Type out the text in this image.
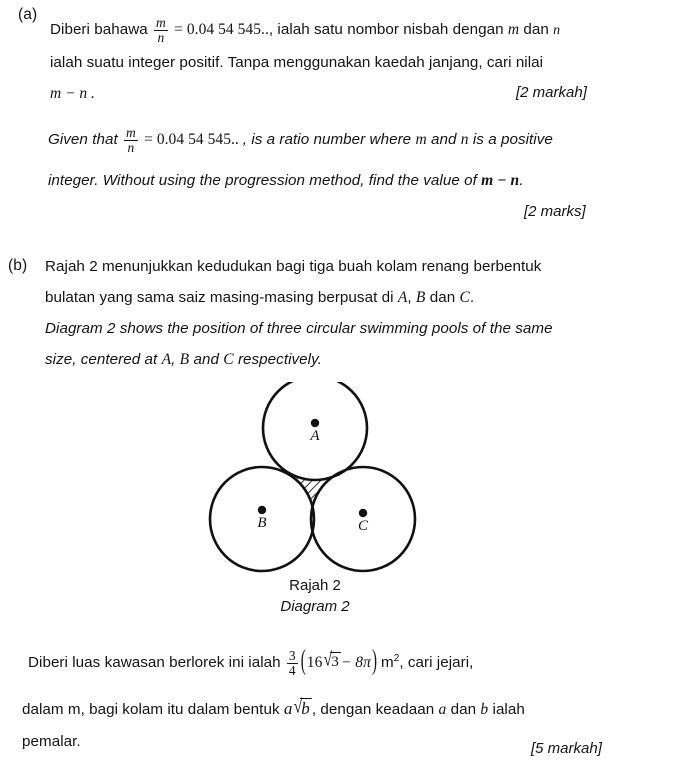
(a)
Diberi bahawa $\frac{m}{n} = 0.04$ 54 545.., ialah satu nombor nisbah dengan m dan n
ialah suatu integer positif. Tanpa menggunakan kaedah janjang, cari nilai
m − n .	[2 markah]
Given that $\frac{m}{n} = 0.04$ 54 545.. , is a ratio number where m and n is a positive
integer. Without using the progression method, find the value of m − n.
[2 marks]
(b) Rajah 2 menunjukkan kedudukan bagi tiga buah kolam renang berbentuk
bulatan yang sama saiz masing-masing berpusat di A, B dan C.
Diagram 2 shows the position of three circular swimming pools of the same
size, centered at A, B and C respectively.
A
B	C
Rajah 2
Diagram 2
Diberi luas kawasan berlorek ini ialah $\frac{3}{4} (16√3 - 8\pi)$ $m^2$, cari jejari,
dalam m, bagi kolam itu dalam bentuk a√b , dengan keadaan a dan b ialah
pemalar.	[5 markah]
